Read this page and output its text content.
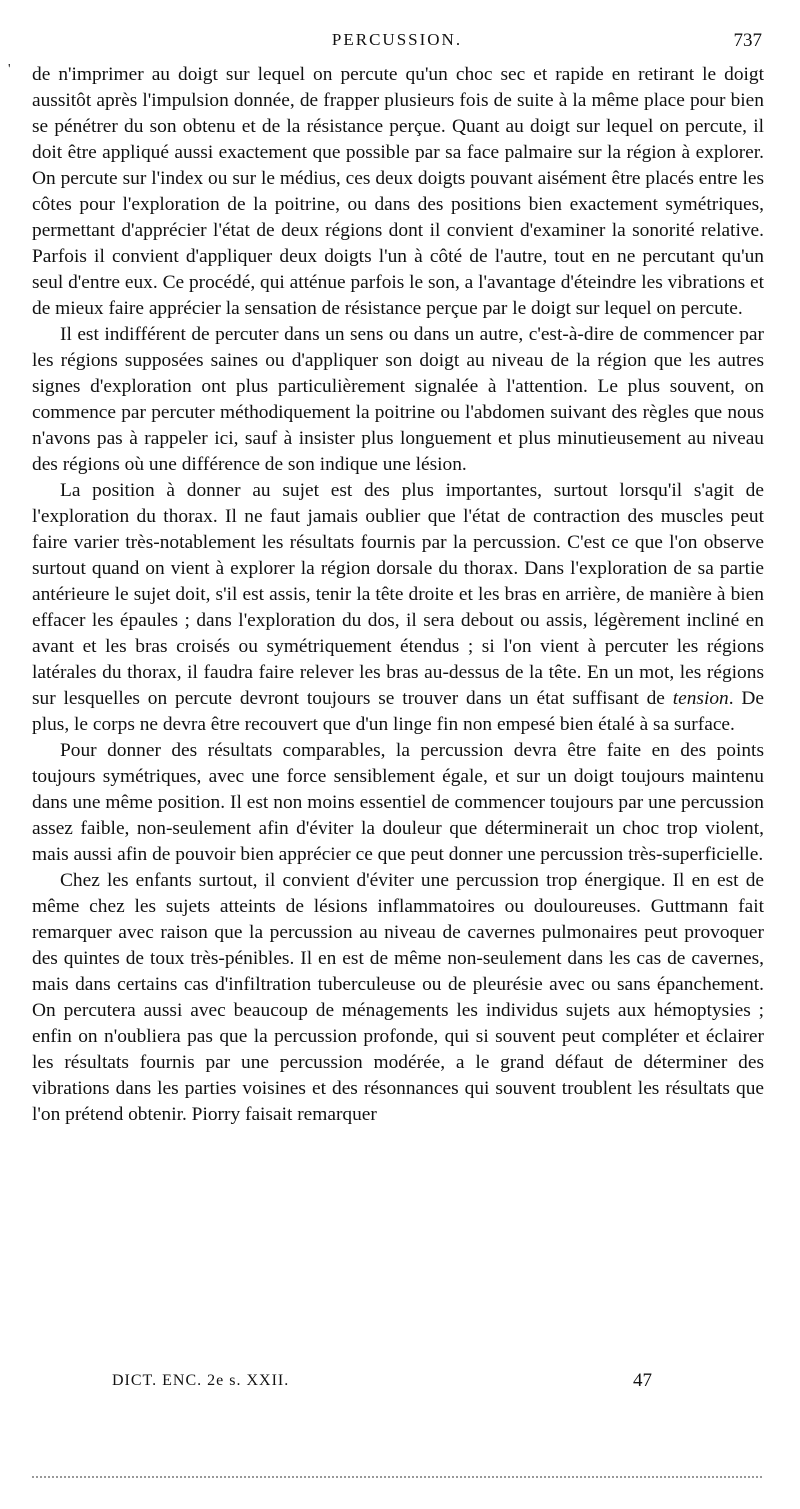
PERCUSSION.	737
' de n'imprimer au doigt sur lequel on percute qu'un choc sec et rapide en retirant le doigt aussitôt après l'impulsion donnée, de frapper plusieurs fois de suite à la même place pour bien se pénétrer du son obtenu et de la résistance perçue. Quant au doigt sur lequel on percute, il doit être appliqué aussi exactement que possible par sa face palmaire sur la région à explorer. On percute sur l'index ou sur le médius, ces deux doigts pouvant aisément être placés entre les côtes pour l'exploration de la poitrine, ou dans des positions bien exactement symétriques, permettant d'apprécier l'état de deux régions dont il convient d'examiner la sonorité relative. Parfois il convient d'appliquer deux doigts l'un à côté de l'autre, tout en ne percutant qu'un seul d'entre eux. Ce procédé, qui atténue parfois le son, a l'avantage d'éteindre les vibrations et de mieux faire apprécier la sensation de résistance perçue par le doigt sur lequel on percute.

Il est indifférent de percuter dans un sens ou dans un autre, c'est-à-dire de commencer par les régions supposées saines ou d'appliquer son doigt au niveau de la région que les autres signes d'exploration ont plus particulièrement signalée à l'attention. Le plus souvent, on commence par percuter méthodiquement la poitrine ou l'abdomen suivant des règles que nous n'avons pas à rappeler ici, sauf à insister plus longuement et plus minutieusement au niveau des régions où une différence de son indique une lésion.

La position à donner au sujet est des plus importantes, surtout lorsqu'il s'agit de l'exploration du thorax. Il ne faut jamais oublier que l'état de contraction des muscles peut faire varier très-notablement les résultats fournis par la percussion. C'est ce que l'on observe surtout quand on vient à explorer la région dorsale du thorax. Dans l'exploration de sa partie antérieure le sujet doit, s'il est assis, tenir la tête droite et les bras en arrière, de manière à bien effacer les épaules ; dans l'exploration du dos, il sera debout ou assis, légèrement incliné en avant et les bras croisés ou symétriquement étendus ; si l'on vient à percuter les régions latérales du thorax, il faudra faire relever les bras au-dessus de la tête. En un mot, les régions sur lesquelles on percute devront toujours se trouver dans un état suffisant de tension. De plus, le corps ne devra être recouvert que d'un linge fin non empesé bien étalé à sa surface.

Pour donner des résultats comparables, la percussion devra être faite en des points toujours symétriques, avec une force sensiblement égale, et sur un doigt toujours maintenu dans une même position. Il est non moins essentiel de commencer toujours par une percussion assez faible, non-seulement afin d'éviter la douleur que déterminerait un choc trop violent, mais aussi afin de pouvoir bien apprécier ce que peut donner une percussion très-superficielle.

Chez les enfants surtout, il convient d'éviter une percussion trop énergique. Il en est de même chez les sujets atteints de lésions inflammatoires ou douloureuses. Guttmann fait remarquer avec raison que la percussion au niveau de cavernes pulmonaires peut provoquer des quintes de toux très-pénibles. Il en est de même non-seulement dans les cas de cavernes, mais dans certains cas d'infiltration tuberculeuse ou de pleurésie avec ou sans épanchement. On percutera aussi avec beaucoup de ménagements les individus sujets aux hémoptysies ; enfin on n'oubliera pas que la percussion profonde, qui si souvent peut compléter et éclairer les résultats fournis par une percussion modérée, a le grand défaut de déterminer des vibrations dans les parties voisines et des résonnances qui souvent troublent les résultats que l'on prétend obtenir. Piorry faisait remarquer

DICT. ENC. 2e s. XXII.	47
